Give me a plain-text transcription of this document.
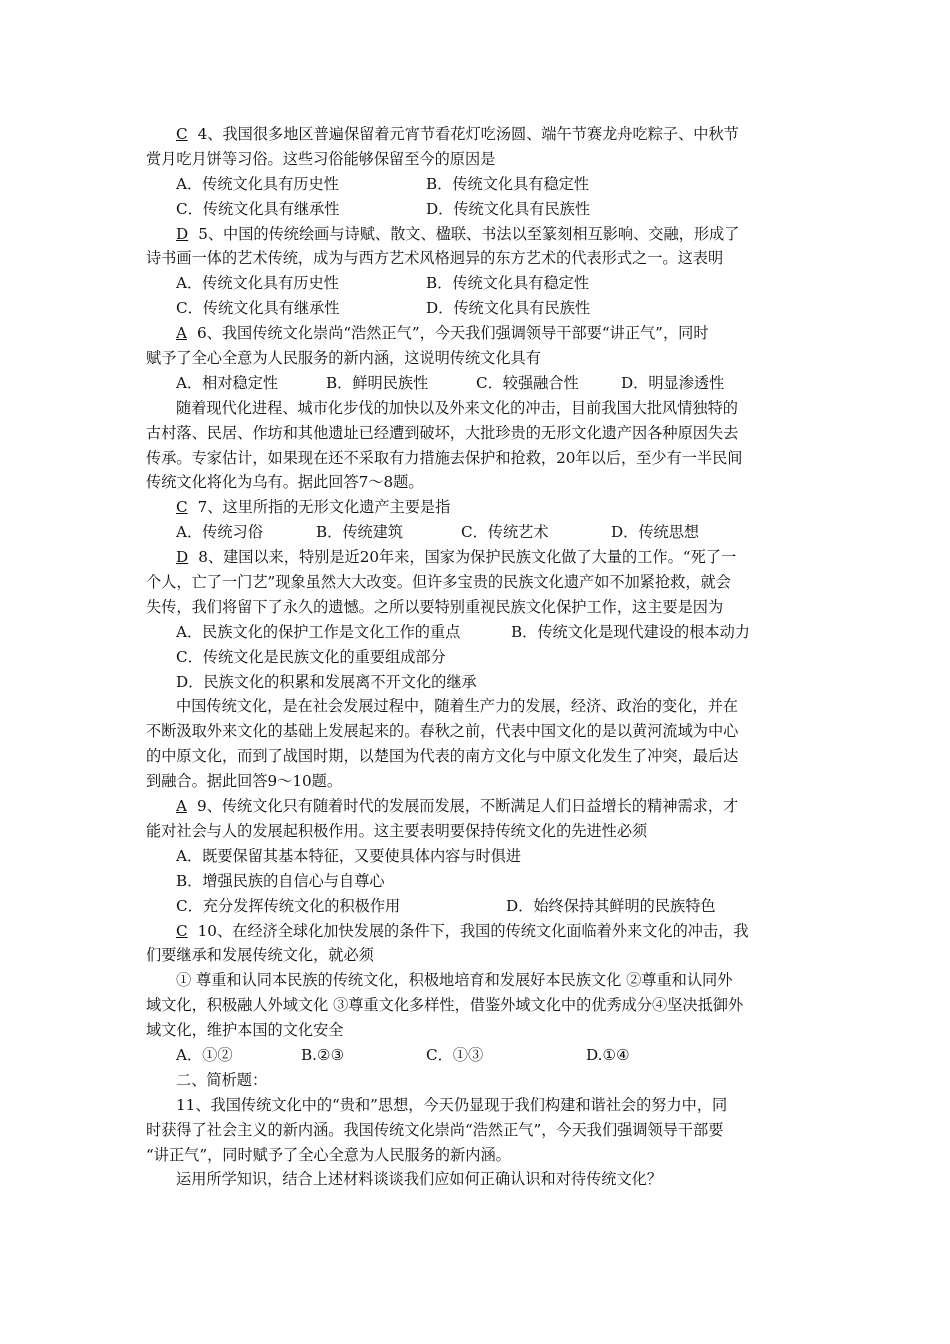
C 4、我国很多地区普遍保留着元宵节看花灯吃汤圆、端午节赛龙舟吃粽子、中秋节
赏月吃月饼等习俗。这些习俗能够保留至今的原因是
A．传统文化具有历史性	B．传统文化具有稳定性
C．传统文化具有继承性	D．传统文化具有民族性
D 5、中国的传统绘画与诗赋、散文、楹联、书法以至篆刻相互影响、交融，形成了
诗书画一体的艺术传统，成为与西方艺术风格迥异的东方艺术的代表形式之一。这表明
A．传统文化具有历史性	B．传统文化具有稳定性
C．传统文化具有继承性	D．传统文化具有民族性
A 6、我国传统文化崇尚“浩然正气”，今天我们强调领导干部要“讲正气”，同时
赋予了全心全意为人民服务的新内涵，这说明传统文化具有
A．相对稳定性	B．鲜明民族性	C．较强融合性	D．明显渗透性
随着现代化进程、城市化步伐的加快以及外来文化的冲击，目前我国大批风情独特的
古村落、民居、作坊和其他遗址已经遭到破坏，大批珍贵的无形文化遗产因各种原因失去
传承。专家估计，如果现在还不采取有力措施去保护和抢救，20年以后，至少有一半民间
传统文化将化为乌有。据此回答7～8题。
C 7、这里所指的无形文化遗产主要是指
A．传统习俗	B．传统建筑	C．传统艺术	D．传统思想
D 8、建国以来，特别是近20年来，国家为保护民族文化做了大量的工作。“死了一
个人，亡了一门艺”现象虽然大大改变。但许多宝贵的民族文化遗产如不加紧抢救，就会
失传，我们将留下了永久的遗憾。之所以要特别重视民族文化保护工作，这主要是因为
A．民族文化的保护工作是文化工作的重点	B．传统文化是现代建设的根本动力
C．传统文化是民族文化的重要组成部分
D．民族文化的积累和发展离不开文化的继承
中国传统文化，是在社会发展过程中，随着生产力的发展，经济、政治的变化，并在
不断汲取外来文化的基础上发展起来的。春秋之前，代表中国文化的是以黄河流域为中心
的中原文化，而到了战国时期，以楚国为代表的南方文化与中原文化发生了冲突，最后达
到融合。据此回答9～10题。
A 9、传统文化只有随着时代的发展而发展，不断满足人们日益增长的精神需求，才
能对社会与人的发展起积极作用。这主要表明要保持传统文化的先进性必须
A．既要保留其基本特征，又要使具体内容与时俱进
B．增强民族的自信心与自尊心
C．充分发挥传统文化的积极作用	D．始终保持其鲜明的民族特色
C 10、在经济全球化加快发展的条件下，我国的传统文化面临着外来文化的冲击，我
们要继承和发展传统文化，就必须
① 尊重和认同本民族的传统文化，积极地培育和发展好本民族文化 ②尊重和认同外
域文化，积极融人外域文化 ③尊重文化多样性，借鉴外域文化中的优秀成分④坚决抵御外
域文化，维护本国的文化安全
A．①②	B.②③	C．①③	D.①④
二、简析题：
11、我国传统文化中的“贵和”思想，今天仍显现于我们构建和谐社会的努力中，同
时获得了社会主义的新内涵。我国传统文化崇尚“浩然正气”，今天我们强调领导干部要
“讲正气”，同时赋予了全心全意为人民服务的新内涵。
运用所学知识，结合上述材料谈谈我们应如何正确认识和对待传统文化？
